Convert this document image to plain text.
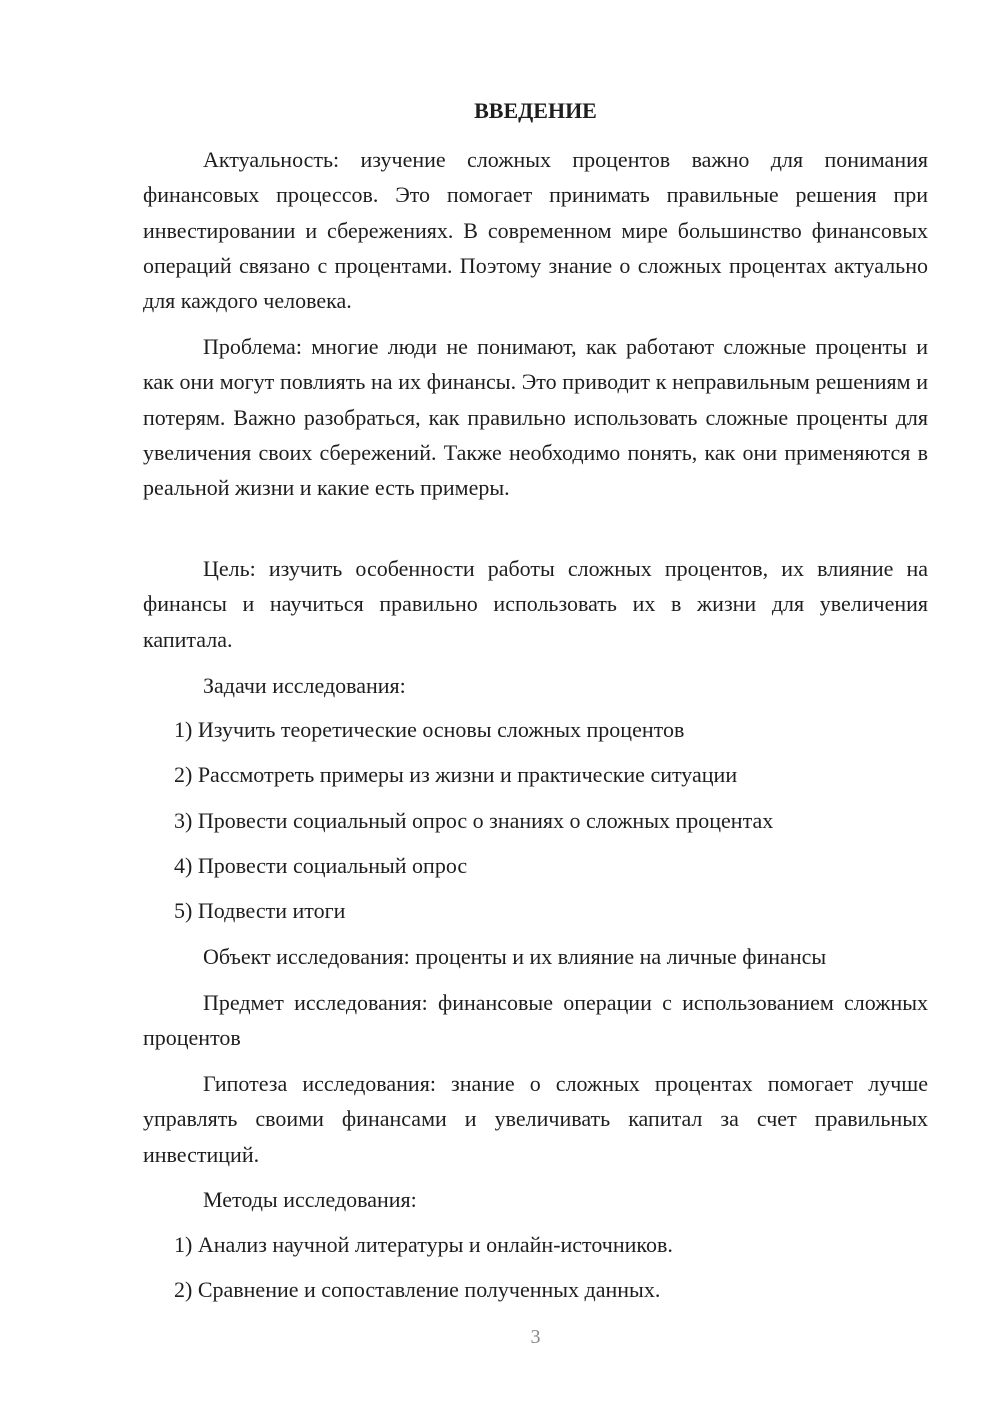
ВВЕДЕНИЕ

Актуальность: изучение сложных процентов важно для понимания финансовых процессов. Это помогает принимать правильные решения при инвестировании и сбережениях. В современном мире большинство финансовых операций связано с процентами. Поэтому знание о сложных процентах актуально для каждого человека.

Проблема: многие люди не понимают, как работают сложные проценты и как они могут повлиять на их финансы. Это приводит к неправильным решениям и потерям. Важно разобраться, как правильно использовать сложные проценты для увеличения своих сбережений. Также необходимо понять, как они применяются в реальной жизни и какие есть примеры.

Цель: изучить особенности работы сложных процентов, их влияние на финансы и научиться правильно использовать их в жизни для увеличения капитала.

Задачи исследования:

1) Изучить теоретические основы сложных процентов

2) Рассмотреть примеры из жизни и практические ситуации

3) Провести социальный опрос о знаниях о сложных процентах

4) Провести социальный опрос

5) Подвести итоги

Объект исследования: проценты и их влияние на личные финансы

Предмет исследования: финансовые операции с использованием сложных процентов

Гипотеза исследования: знание о сложных процентах помогает лучше управлять своими финансами и увеличивать капитал за счет правильных инвестиций.

Методы исследования:

1) Анализ научной литературы и онлайн-источников.

2) Сравнение и сопоставление полученных данных.

3
